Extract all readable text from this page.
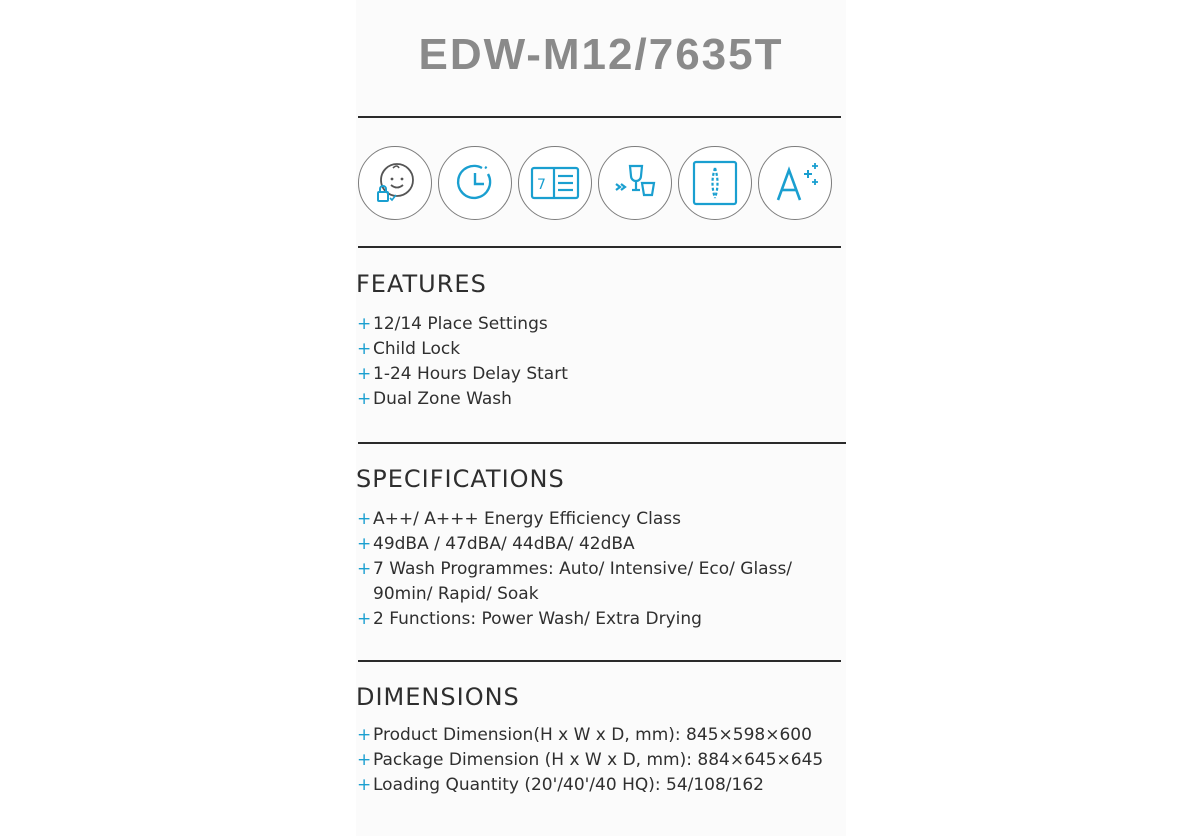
EDW-M12/7635T
7
FEATURES
+ 12/14 Place Settings
+ Child Lock
+ 1-24 Hours Delay Start
+ Dual Zone Wash
SPECIFICATIONS
+ A++/ A+++ Energy Efficiency Class
+ 49dBA / 47dBA/ 44dBA/ 42dBA
+ 7 Wash Programmes: Auto/ Intensive/ Eco/ Glass/
90min/ Rapid/ Soak
+ 2 Functions: Power Wash/ Extra Drying
DIMENSIONS
+ Product Dimension(H x W x D, mm): 845×598×600
+ Package Dimension (H x W x D, mm): 884×645×645
+ Loading Quantity (20'/40'/40 HQ): 54/108/162
